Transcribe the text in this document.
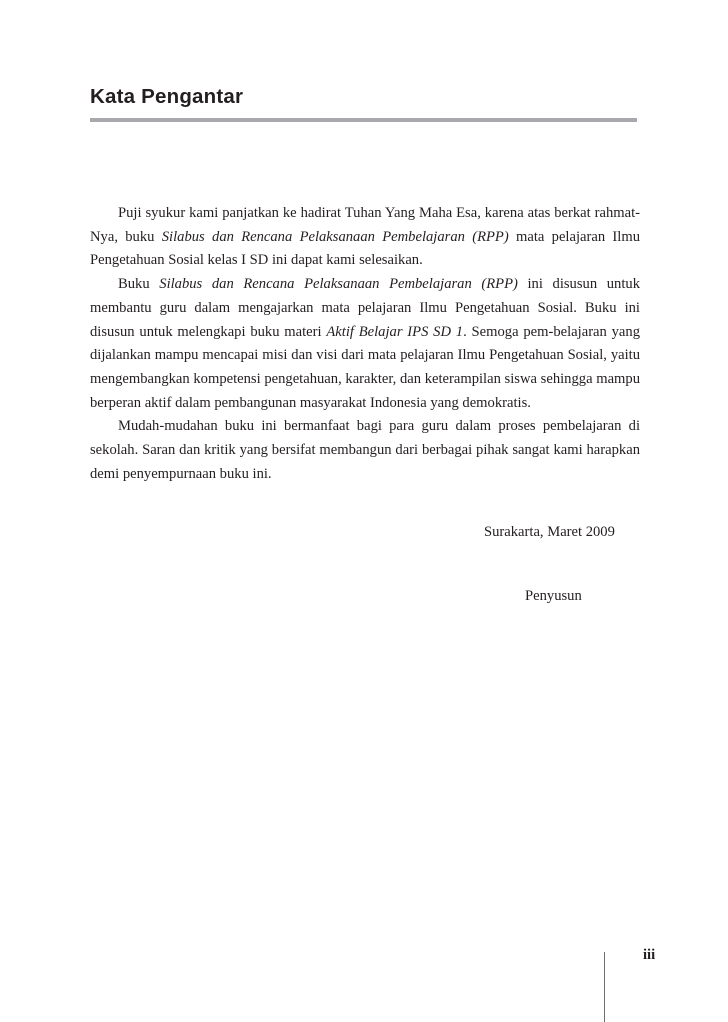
Kata Pengantar

Puji syukur kami panjatkan ke hadirat Tuhan Yang Maha Esa, karena atas berkat rahmat-Nya, buku Silabus dan Rencana Pelaksanaan Pembelajaran (RPP) mata pelajaran Ilmu Pengetahuan Sosial kelas I SD ini dapat kami selesaikan.

Buku Silabus dan Rencana Pelaksanaan Pembelajaran (RPP) ini disusun untuk membantu guru dalam mengajarkan mata pelajaran Ilmu Pengetahuan Sosial. Buku ini disusun untuk melengkapi buku materi Aktif Belajar IPS SD 1. Semoga pem-belajaran yang dijalankan mampu mencapai misi dan visi dari mata pelajaran Ilmu Pengetahuan Sosial, yaitu mengembangkan kompetensi pengetahuan, karakter, dan keterampilan siswa sehingga mampu berperan aktif dalam pembangunan masyarakat Indonesia yang demokratis.

Mudah-mudahan buku ini bermanfaat bagi para guru dalam proses pembelajaran di sekolah. Saran dan kritik yang bersifat membangun dari berbagai pihak sangat kami harapkan demi penyempurnaan buku ini.

Surakarta, Maret 2009
Penyusun
iii
